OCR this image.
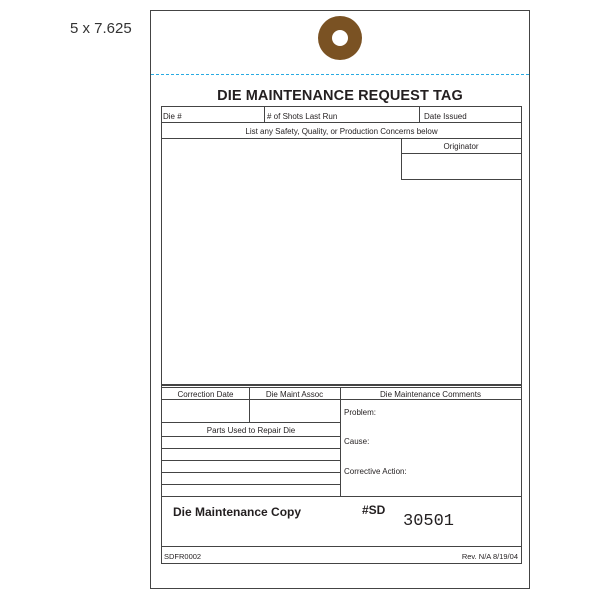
5 x 7.625
DIE MAINTENANCE REQUEST TAG
Die #	# of Shots Last Run	Date Issued
List any Safety, Quality, or Production Concerns below
Originator
Correction Date	Die Maint Assoc	Die Maintenance Comments
Parts Used to Repair Die
Problem:
Cause:
Corrective Action:
Die Maintenance Copy	#SD
30501
SDFR0002	Rev. N/A 8/19/04
